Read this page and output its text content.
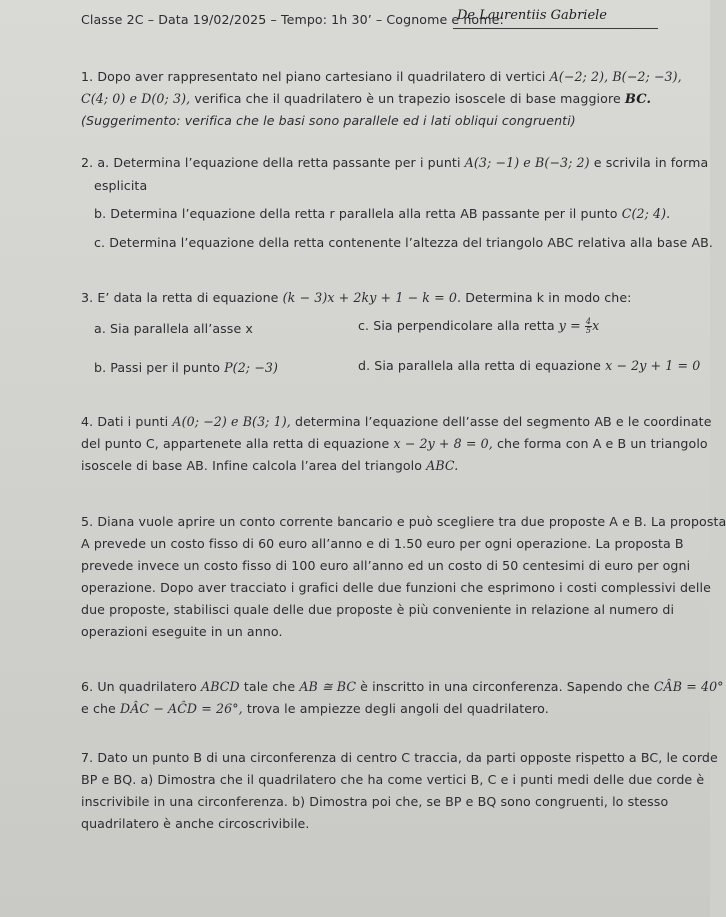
Classe 2C – Data 19/02/2025 – Tempo: 1h 30’ – Cognome e nome:
De Laurentiis Gabriele
1. Dopo aver rappresentato nel piano cartesiano il quadrilatero di vertici A(−2; 2), B(−2; −3),
C(4; 0) e D(0; 3), verifica che il quadrilatero è un trapezio isoscele di base maggiore BC.
(Suggerimento: verifica che le basi sono parallele ed i lati obliqui congruenti)
2. a. Determina l’equazione della retta passante per i punti A(3; −1) e B(−3; 2) e scrivila in forma
esplicita
b. Determina l’equazione della retta r parallela alla retta AB passante per il punto C(2; 4).
c. Determina l’equazione della retta contenente l’altezza del triangolo ABC relativa alla base AB.
3. E’ data la retta di equazione (k − 3)x + 2ky + 1 − k = 0. Determina k in modo che:
a. Sia parallela all’asse x	c. Sia perpendicolare alla retta $y = \frac{4}{5}$ x
b. Passi per il punto P(2; −3)	d. Sia parallela alla retta di equazione x − 2y + 1 = 0
4. Dati i punti A(0; −2) e B(3; 1), determina l’equazione dell’asse del segmento AB e le coordinate
del punto C, appartenete alla retta di equazione x − 2y + 8 = 0, che forma con A e B un triangolo
isoscele di base AB. Infine calcola l’area del triangolo ABC.
5. Diana vuole aprire un conto corrente bancario e può scegliere tra due proposte A e B. La proposta
A prevede un costo fisso di 60 euro all’anno e di 1.50 euro per ogni operazione. La proposta B
prevede invece un costo fisso di 100 euro all’anno ed un costo di 50 centesimi di euro per ogni
operazione. Dopo aver tracciato i grafici delle due funzioni che esprimono i costi complessivi delle
due proposte, stabilisci quale delle due proposte è più conveniente in relazione al numero di
operazioni eseguite in un anno.
6. Un quadrilatero ABCD tale che AB ≅ BC è inscritto in una circonferenza. Sapendo che CÂB = 40°
e che DÂC − AĈD = 26°, trova le ampiezze degli angoli del quadrilatero.
7. Dato un punto B di una circonferenza di centro C traccia, da parti opposte rispetto a BC, le corde
BP e BQ. a) Dimostra che il quadrilatero che ha come vertici B, C e i punti medi delle due corde è
inscrivibile in una circonferenza. b) Dimostra poi che, se BP e BQ sono congruenti, lo stesso
quadrilatero è anche circoscrivibile.
